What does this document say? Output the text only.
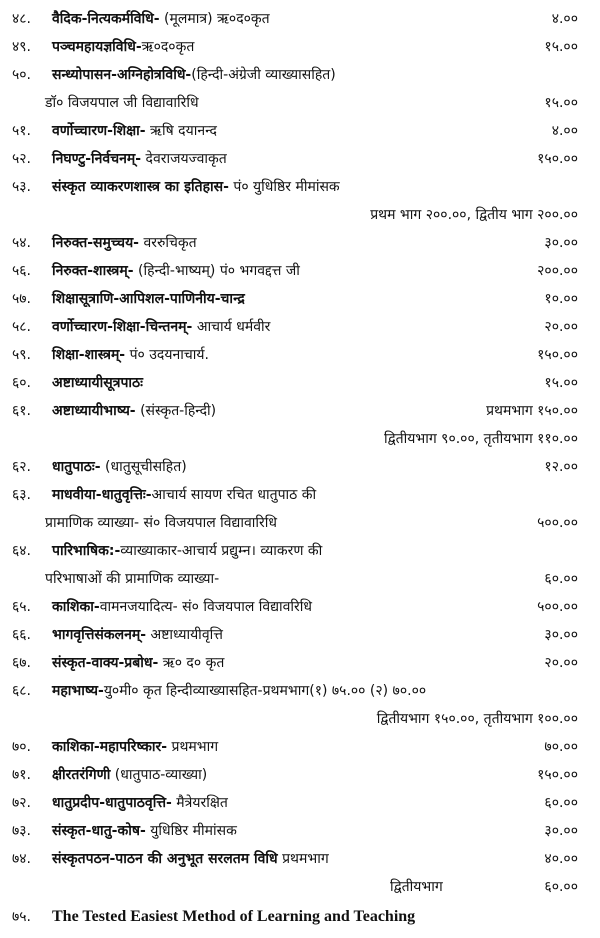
४८. वैदिक-नित्यकर्मविधि- (मूलमात्र) ऋ०द०कृत	४.००
४९. पञ्चमहायज्ञविधि-ऋ०द०कृत	१५.००
५०. सन्ध्योपासन-अग्निहोत्रविधि-(हिन्दी-अंग्रेजी व्याख्यासहित)
डॉ० विजयपाल जी विद्यावारिधि	१५.००
५१. वर्णोच्चारण-शिक्षा- ऋषि दयानन्द	४.००
५२. निघण्टु-निर्वचनम्- देवराजयज्वाकृत	१५०.००
५३. संस्कृत व्याकरणशास्त्र का इतिहास- पं० युधिष्ठिर मीमांसक
प्रथम भाग २००.००, द्वितीय भाग २००.००
५४. निरुक्त-समुच्चय- वररुचिकृत	३०.००
५६. निरुक्त-शास्त्रम्- (हिन्दी-भाष्यम्) पं० भगवद्दत्त जी	२००.००
५७. शिक्षासूत्राणि-आपिशल-पाणिनीय-चान्द्र	१०.००
५८. वर्णोच्चारण-शिक्षा-चिन्तनम्- आचार्य धर्मवीर	२०.००
५९. शिक्षा-शास्त्रम्- पं० उदयनाचार्य.	१५०.००
६०. अष्टाध्यायीसूत्रपाठः	१५.००
६१. अष्टाध्यायीभाष्य- (संस्कृत-हिन्दी)	प्रथमभाग १५०.००
द्वितीयभाग ९०.००, तृतीयभाग ११०.००
६२. धातुपाठः- (धातुसूचीसहित)	१२.००
६३. माधवीया-धातुवृत्तिः-आचार्य सायण रचित धातुपाठ की
प्रामाणिक व्याख्या- सं० विजयपाल विद्यावारिधि	५००.००
६४. पारिभाषिक:-व्याख्याकार-आचार्य प्रद्युम्न। व्याकरण की
परिभाषाओं की प्रामाणिक व्याख्या-	६०.००
६५. काशिका-वामनजयादित्य- सं० विजयपाल विद्यावरिधि	५००.००
६६. भागवृत्तिसंकलनम्- अष्टाध्यायीवृत्ति	३०.००
६७. संस्कृत-वाक्य-प्रबोध- ऋ० द० कृत	२०.००
६८. महाभाष्य-यु०मी० कृत हिन्दीव्याख्यासहित-प्रथमभाग(१) ७५.०० (२) ७०.००
द्वितीयभाग १५०.००, तृतीयभाग १००.००
७०. काशिका-महापरिष्कार- प्रथमभाग	७०.००
७१. क्षीरतरंगिणी (धातुपाठ-व्याख्या)	१५०.००
७२. धातुप्रदीप-धातुपाठवृत्ति- मैत्रेयरक्षित	६०.००
७३. संस्कृत-धातु-कोष- युधिष्ठिर मीमांसक	३०.००
७४. संस्कृतपठन-पाठन की अनुभूत सरलतम विधि प्रथमभाग	४०.००
द्वितीयभाग	६०.००
७५. The Tested Easiest Method of Learning and Teaching
